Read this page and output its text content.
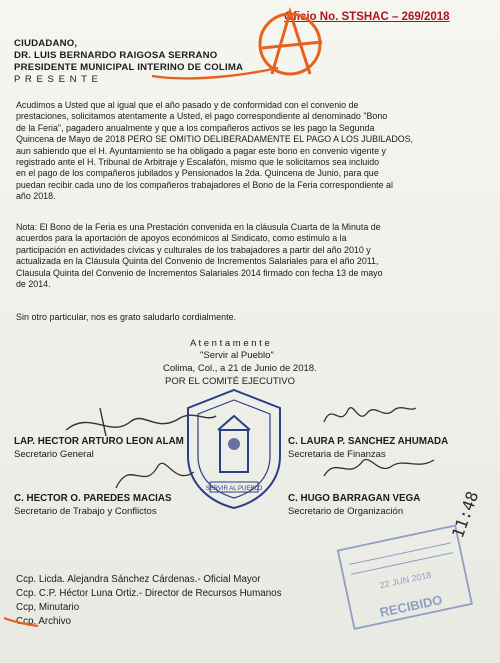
Oficio No. STSHAC – 269/2018
CIUDADANO,
DR. LUIS BERNARDO RAIGOSA SERRANO
PRESIDENTE MUNICIPAL INTERINO DE COLIMA
P R E S E N T E
Acudimos a Usted que al igual que el año pasado y de conformidad con el convenio de
prestaciones, solicitamos atentamente a Usted, el pago correspondiente al denominado "Bono
de la Feria", pagadero anualmente y que a los compañeros activos se les pago la Segunda
Quincena de Mayo de 2018 PERO SE OMITIO DELIBERADAMENTE EL PAGO A LOS JUBILADOS,
aun sabiendo que el H. Ayuntamiento se ha obligado a pagar este bono en convenio vigente y
registrado ante el H. Tribunal de Arbitraje y Escalafón, mismo que le solicitamos sea incluido
en el pago de los compañeros jubilados y Pensionados la 2da. Quincena de Junio, para que
puedan recibir cada uno de los compañeros trabajadores el Bono de la Feria correspondiente al
año 2018.
Nota: El Bono de la Feria es una Prestación convenida en la cláusula Cuarta de la Minuta de
acuerdos para la aportación de apoyos económicos al Sindicato, como estimulo a la
participación en actividades cívicas y culturales de los trabajadores a partir del año 2010 y
actualizada en la Cláusula Quinta del Convenio de Incrementos Salariales para el año 2011,
Clausula Quinta del Convenio de Incrementos Salariales 2014 firmado con fecha 13 de mayo
de 2014.
Sin otro particular, nos es grato saludarlo cordialmente.
A t e n t a m e n t e
"Servir al Pueblo"
Colima, Col., a 21 de Junio de 2018.
POR EL COMITÉ EJECUTIVO
SERVIR AL PUEBLO
LAP. HECTOR ARTURO LEON ALAM
Secretario General
C. LAURA P. SANCHEZ AHUMADA
Secretaria de Finanzas
C. HECTOR O. PAREDES MACIAS
Secretario de Trabajo y Conflictos
C. HUGO BARRAGAN VEGA
Secretario de Organización
22 JUN 2018
RECIBIDO
11:48
Ccp. Licda. Alejandra Sánchez Cárdenas.- Oficial Mayor
Ccp. C.P. Héctor Luna Ortiz.- Director de Recursos Humanos
Ccp, Minutario
Ccp. Archivo
